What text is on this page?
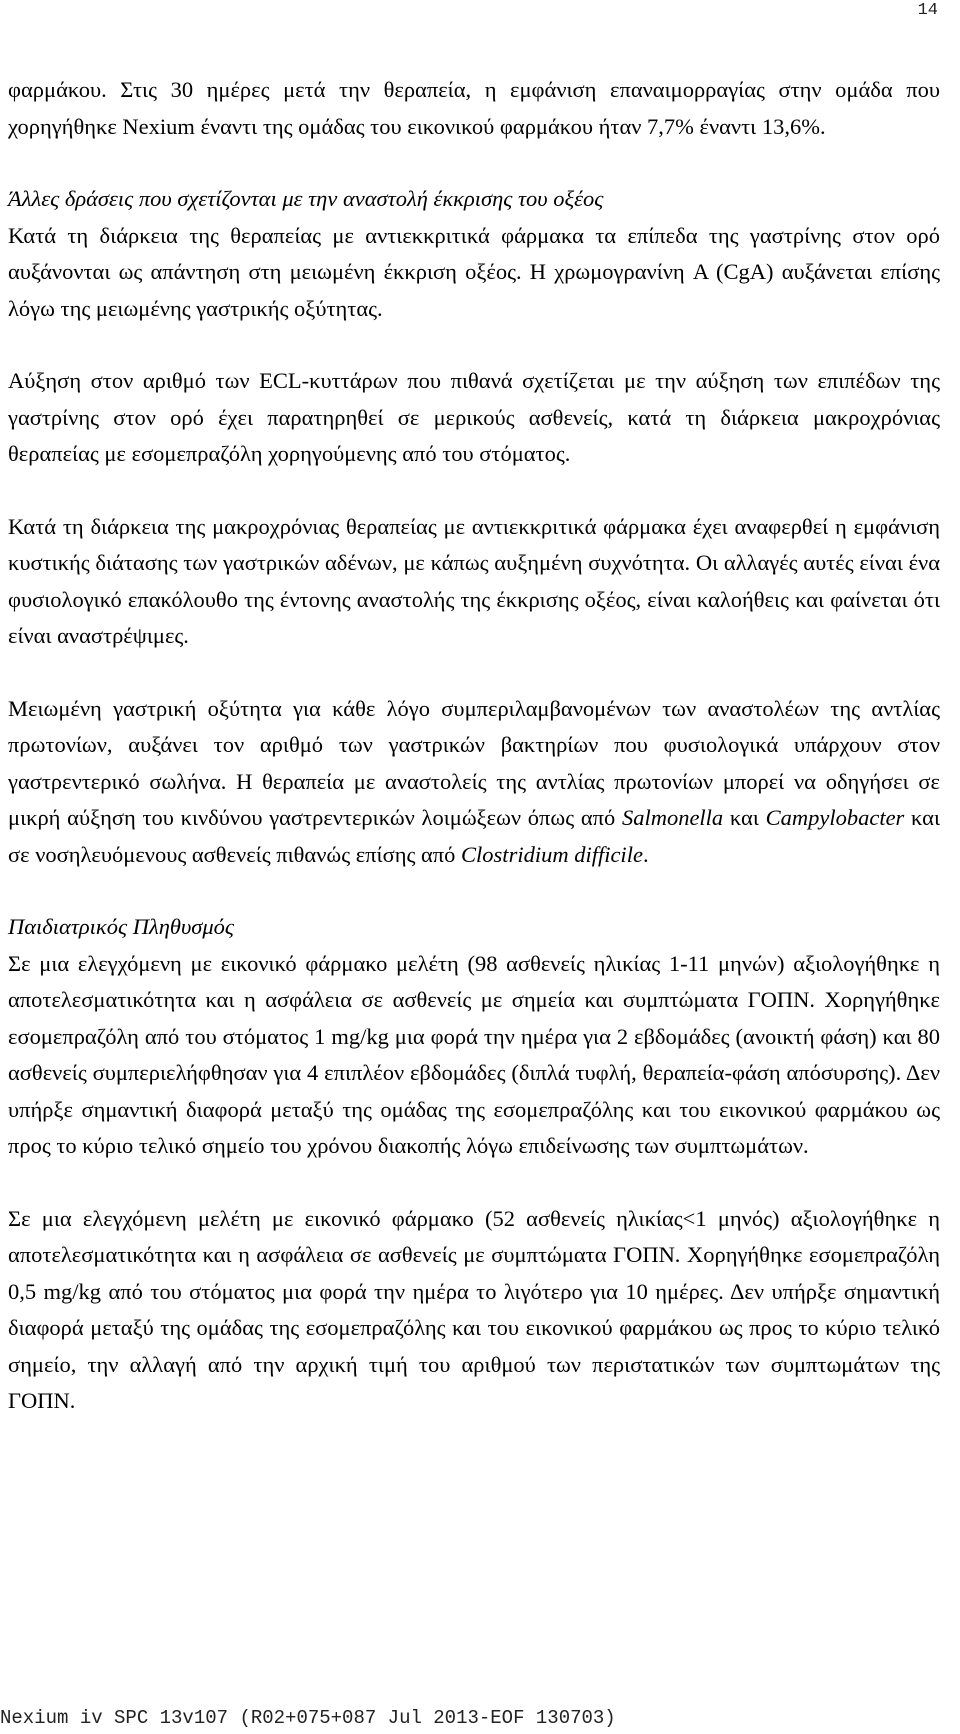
14

φαρμάκου. Στις 30 ημέρες μετά την θεραπεία, η εμφάνιση επαναιμορραγίας στην ομάδα που χορηγήθηκε Nexium έναντι της ομάδας του εικονικού φαρμάκου ήταν 7,7% έναντι 13,6%.

Άλλες δράσεις που σχετίζονται με την αναστολή έκκρισης του οξέος
Κατά τη διάρκεια της θεραπείας με αντιεκκριτικά φάρμακα τα επίπεδα της γαστρίνης στον ορό αυξάνονται ως απάντηση στη μειωμένη έκκριση οξέος. Η χρωμογρανίνη A (CgA) αυξάνεται επίσης λόγω της μειωμένης γαστρικής οξύτητας.

Αύξηση στον αριθμό των ECL-κυττάρων που πιθανά σχετίζεται με την αύξηση των επιπέδων της γαστρίνης στον ορό έχει παρατηρηθεί σε μερικούς ασθενείς, κατά τη διάρκεια μακροχρόνιας θεραπείας με εσομεπραζόλη χορηγούμενης από του στόματος.

Κατά τη διάρκεια της μακροχρόνιας θεραπείας με αντιεκκριτικά φάρμακα έχει αναφερθεί η εμφάνιση κυστικής διάτασης των γαστρικών αδένων, με κάπως αυξημένη συχνότητα. Οι αλλαγές αυτές είναι ένα φυσιολογικό επακόλουθο της έντονης αναστολής της έκκρισης οξέος, είναι καλοήθεις και φαίνεται ότι είναι αναστρέψιμες.

Μειωμένη γαστρική οξύτητα για κάθε λόγο συμπεριλαμβανομένων των αναστολέων της αντλίας πρωτονίων, αυξάνει τον αριθμό των γαστρικών βακτηρίων που φυσιολογικά υπάρχουν στον γαστρεντερικό σωλήνα. Η θεραπεία με αναστολείς της αντλίας πρωτονίων μπορεί να οδηγήσει σε μικρή αύξηση του κινδύνου γαστρεντερικών λοιμώξεων όπως από Salmonella και Campylobacter και σε νοσηλευόμενους ασθενείς πιθανώς επίσης από Clostridium difficile.

Παιδιατρικός Πληθυσμός
Σε μια ελεγχόμενη με εικονικό φάρμακο μελέτη (98 ασθενείς ηλικίας 1-11 μηνών) αξιολογήθηκε η αποτελεσματικότητα και η ασφάλεια σε ασθενείς με σημεία και συμπτώματα ΓΟΠΝ. Χορηγήθηκε εσομεπραζόλη από του στόματος 1 mg/kg μια φορά την ημέρα για 2 εβδομάδες (ανοικτή φάση) και 80 ασθενείς συμπεριελήφθησαν για 4 επιπλέον εβδομάδες (διπλά τυφλή, θεραπεία-φάση απόσυρσης). Δεν υπήρξε σημαντική διαφορά μεταξύ της ομάδας της εσομεπραζόλης και του εικονικού φαρμάκου ως προς το κύριο τελικό σημείο του χρόνου διακοπής λόγω επιδείνωσης των συμπτωμάτων.

Σε μια ελεγχόμενη μελέτη με εικονικό φάρμακο (52 ασθενείς ηλικίας<1 μηνός) αξιολογήθηκε η αποτελεσματικότητα και η ασφάλεια σε ασθενείς με συμπτώματα ΓΟΠΝ. Χορηγήθηκε εσομεπραζόλη 0,5 mg/kg από του στόματος μια φορά την ημέρα το λιγότερο για 10 ημέρες. Δεν υπήρξε σημαντική διαφορά μεταξύ της ομάδας της εσομεπραζόλης και του εικονικού φαρμάκου ως προς το κύριο τελικό σημείο, την αλλαγή από την αρχική τιμή του αριθμού των περιστατικών των συμπτωμάτων της ΓΟΠΝ.

Nexium iv SPC 13v107 (R02+075+087 Jul 2013-EOF 130703)
